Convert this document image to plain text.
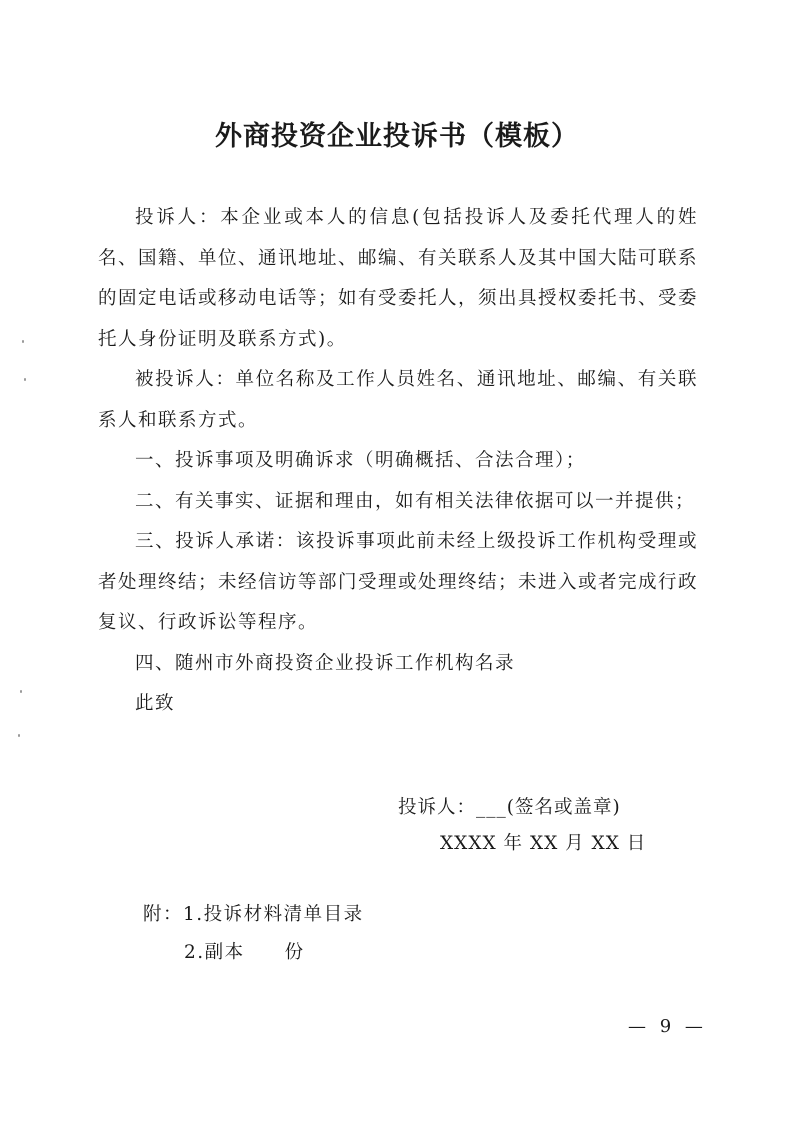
外商投资企业投诉书（模板）

投诉人：本企业或本人的信息(包括投诉人及委托代理人的姓名、国籍、单位、通讯地址、邮编、有关联系人及其中国大陆可联系的固定电话或移动电话等；如有受委托人，须出具授权委托书、受委托人身份证明及联系方式)。

被投诉人：单位名称及工作人员姓名、通讯地址、邮编、有关联系人和联系方式。

一、投诉事项及明确诉求（明确概括、合法合理）；

二、有关事实、证据和理由，如有相关法律依据可以一并提供；

三、投诉人承诺：该投诉事项此前未经上级投诉工作机构受理或者处理终结；未经信访等部门受理或处理终结；未进入或者完成行政复议、行政诉讼等程序。

四、随州市外商投资企业投诉工作机构名录

此致

投诉人：___(签名或盖章)
XXXX 年 XX 月 XX 日
附：1.投诉材料清单目录
2.副本　　份
— 9 —
